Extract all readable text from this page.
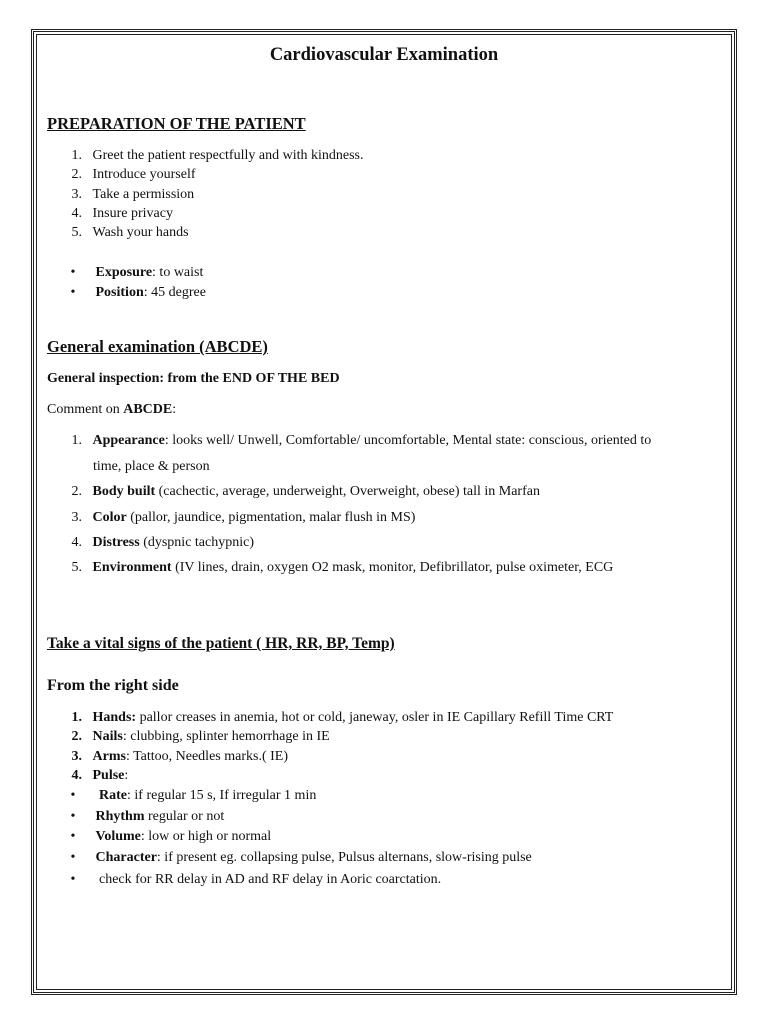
Cardiovascular Examination
PREPARATION OF THE PATIENT
1. Greet the patient respectfully and with kindness.
2. Introduce yourself
3. Take a permission
4. Insure privacy
5. Wash your hands
• Exposure: to waist
• Position: 45 degree
General examination (ABCDE)
General inspection: from the END OF THE BED
Comment on ABCDE:
1. Appearance: looks well/ Unwell, Comfortable/ uncomfortable, Mental state: conscious, oriented to
time, place & person
2. Body built (cachectic, average, underweight, Overweight, obese) tall in Marfan
3. Color (pallor, jaundice, pigmentation, malar flush in MS)
4. Distress (dyspnic tachypnic)
5. Environment (IV lines, drain, oxygen O2 mask, monitor, Defibrillator, pulse oximeter, ECG
Take a vital signs of the patient ( HR, RR, BP, Temp)
From the right side
1. Hands: pallor creases in anemia, hot or cold, janeway, osler in IE Capillary Refill Time CRT
2. Nails: clubbing, splinter hemorrhage in IE
3. Arms: Tattoo, Needles marks.( IE)
4. Pulse:
• Rate: if regular 15 s, If irregular 1 min
• Rhythm regular or not
• Volume: low or high or normal
• Character: if present eg. collapsing pulse, Pulsus alternans, slow-rising pulse
•      check for RR delay in AD and RF delay in Aoric coarctation.
